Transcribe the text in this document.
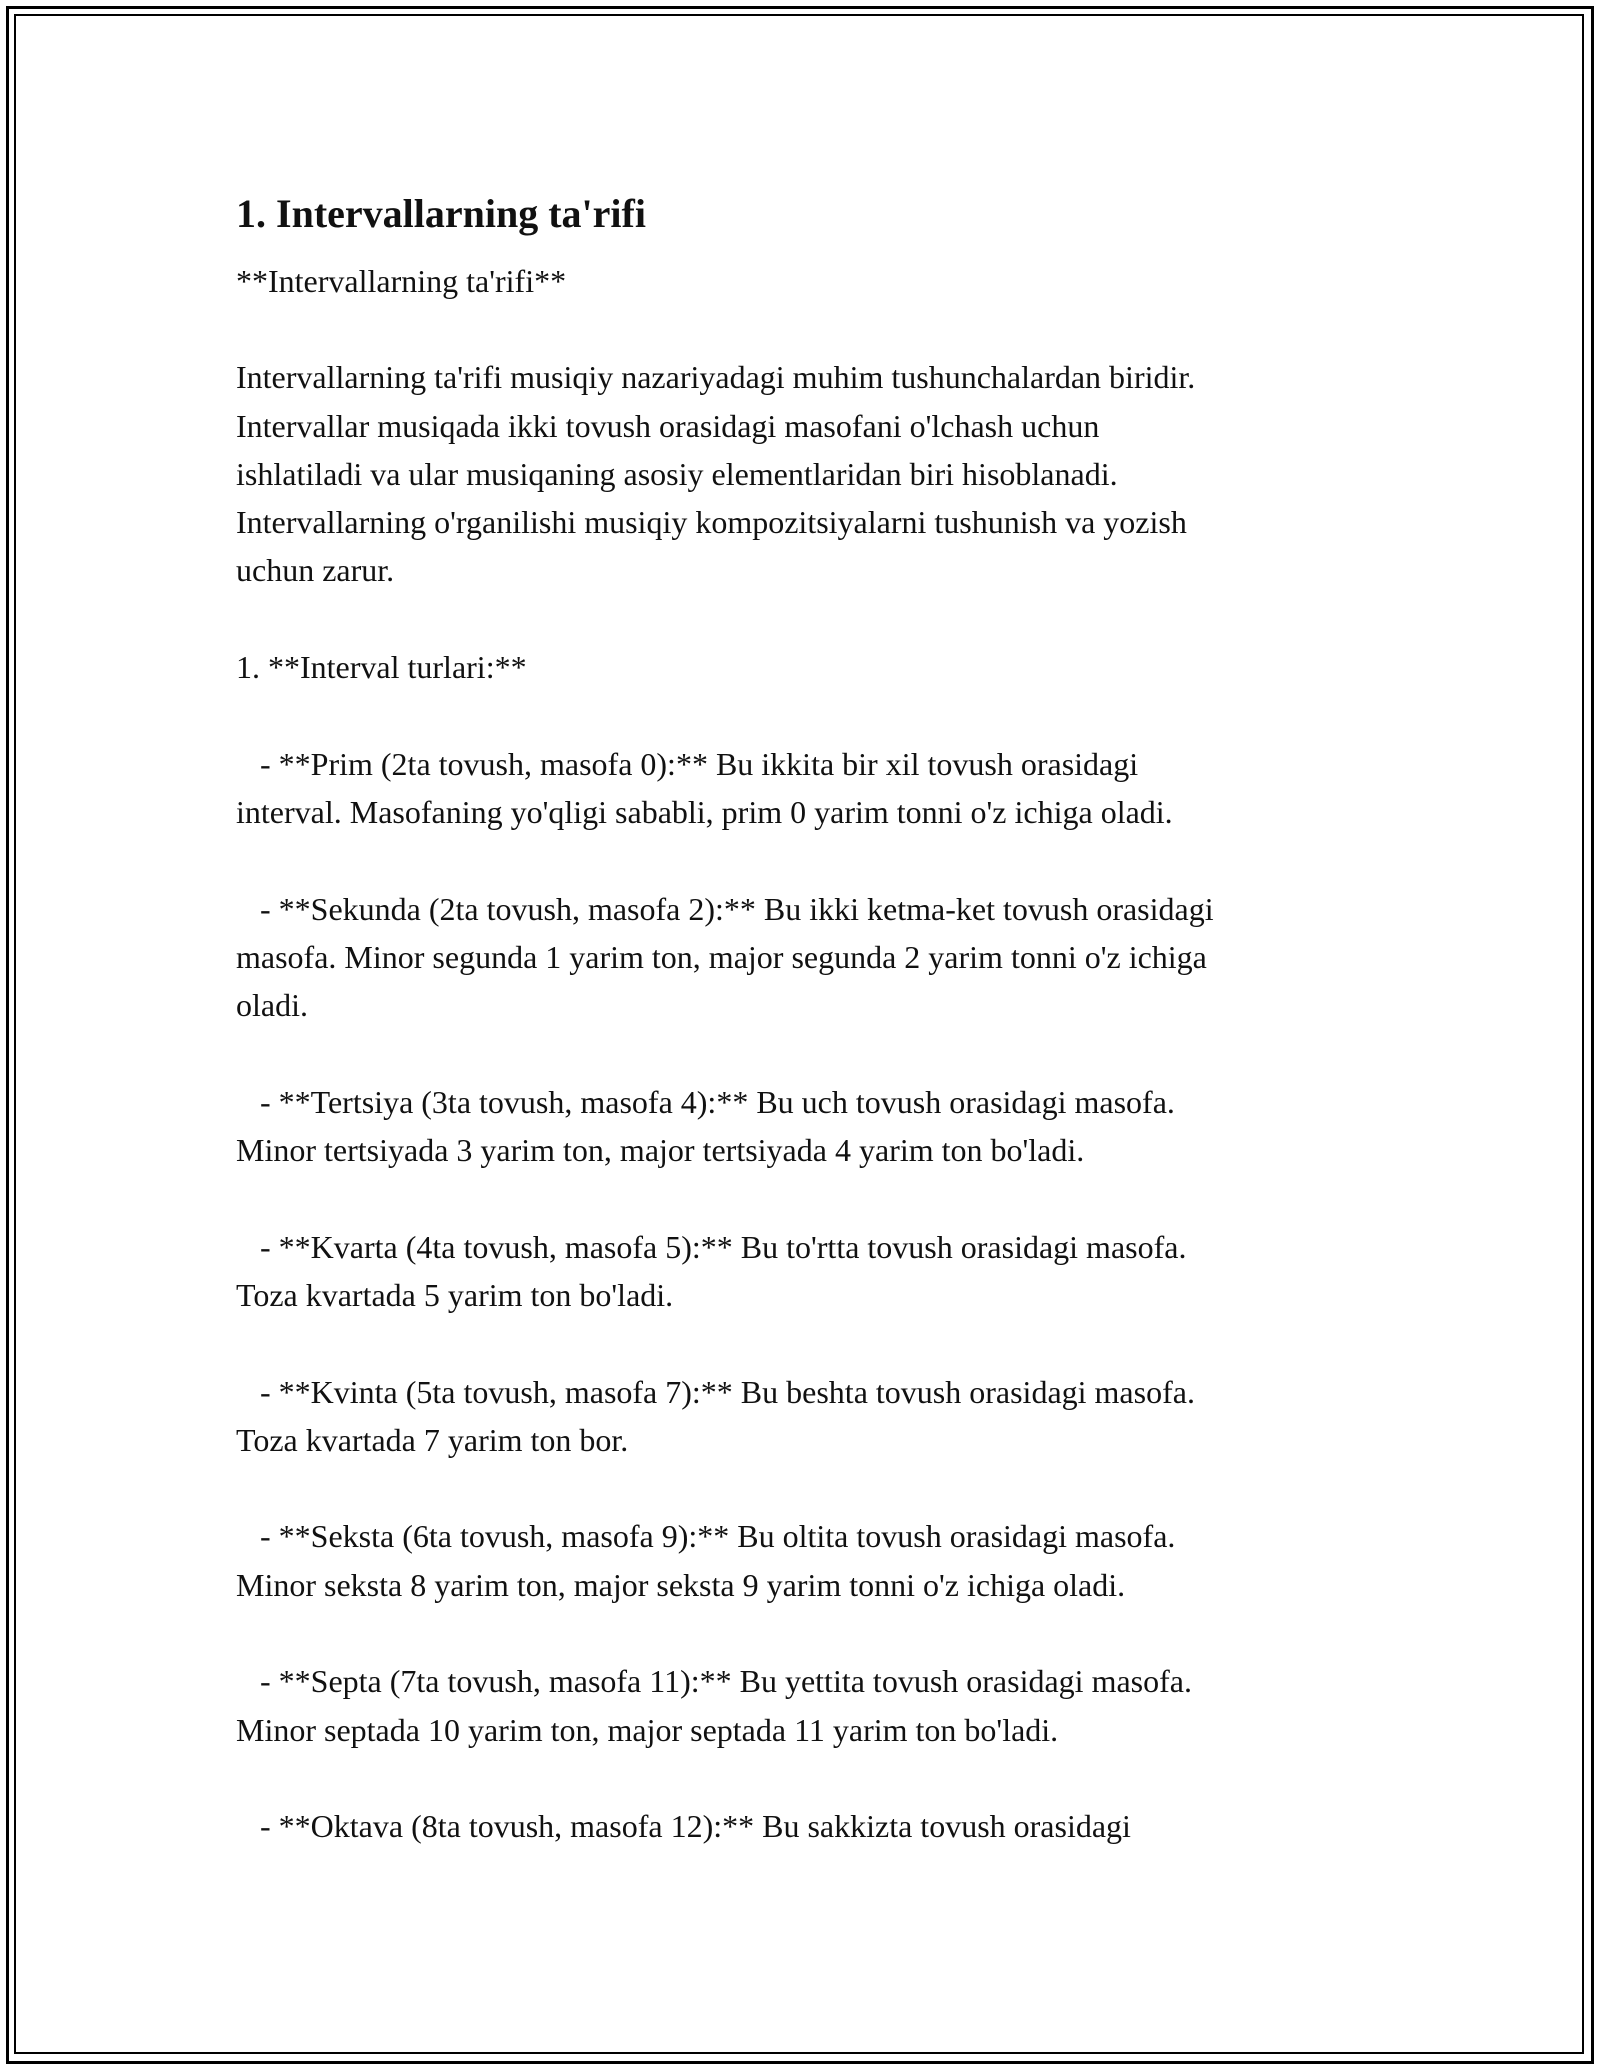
1. Intervallarning ta'rifi

**Intervallarning ta'rifi**

Intervallarning ta'rifi musiqiy nazariyadagi muhim tushunchalardan biridir.

Intervallar musiqada ikki tovush orasidagi masofani o'lchash uchun

ishlatiladi va ular musiqaning asosiy elementlaridan biri hisoblanadi.

Intervallarning o'rganilishi musiqiy kompozitsiyalarni tushunish va yozish

uchun zarur.

1. **Interval turlari:**

- **Prim (2ta tovush, masofa 0):** Bu ikkita bir xil tovush orasidagi

interval. Masofaning yo'qligi sababli, prim 0 yarim tonni o'z ichiga oladi.

- **Sekunda (2ta tovush, masofa 2):** Bu ikki ketma-ket tovush orasidagi

masofa. Minor segunda 1 yarim ton, major segunda 2 yarim tonni o'z ichiga

oladi.

- **Tertsiya (3ta tovush, masofa 4):** Bu uch tovush orasidagi masofa.

Minor tertsiyada 3 yarim ton, major tertsiyada 4 yarim ton bo'ladi.

- **Kvarta (4ta tovush, masofa 5):** Bu to'rtta tovush orasidagi masofa.

Toza kvartada 5 yarim ton bo'ladi.

- **Kvinta (5ta tovush, masofa 7):** Bu beshta tovush orasidagi masofa.

Toza kvartada 7 yarim ton bor.

- **Seksta (6ta tovush, masofa 9):** Bu oltita tovush orasidagi masofa.

Minor seksta 8 yarim ton, major seksta 9 yarim tonni o'z ichiga oladi.

- **Septa (7ta tovush, masofa 11):** Bu yettita tovush orasidagi masofa.

Minor septada 10 yarim ton, major septada 11 yarim ton bo'ladi.

- **Oktava (8ta tovush, masofa 12):** Bu sakkizta tovush orasidagi
